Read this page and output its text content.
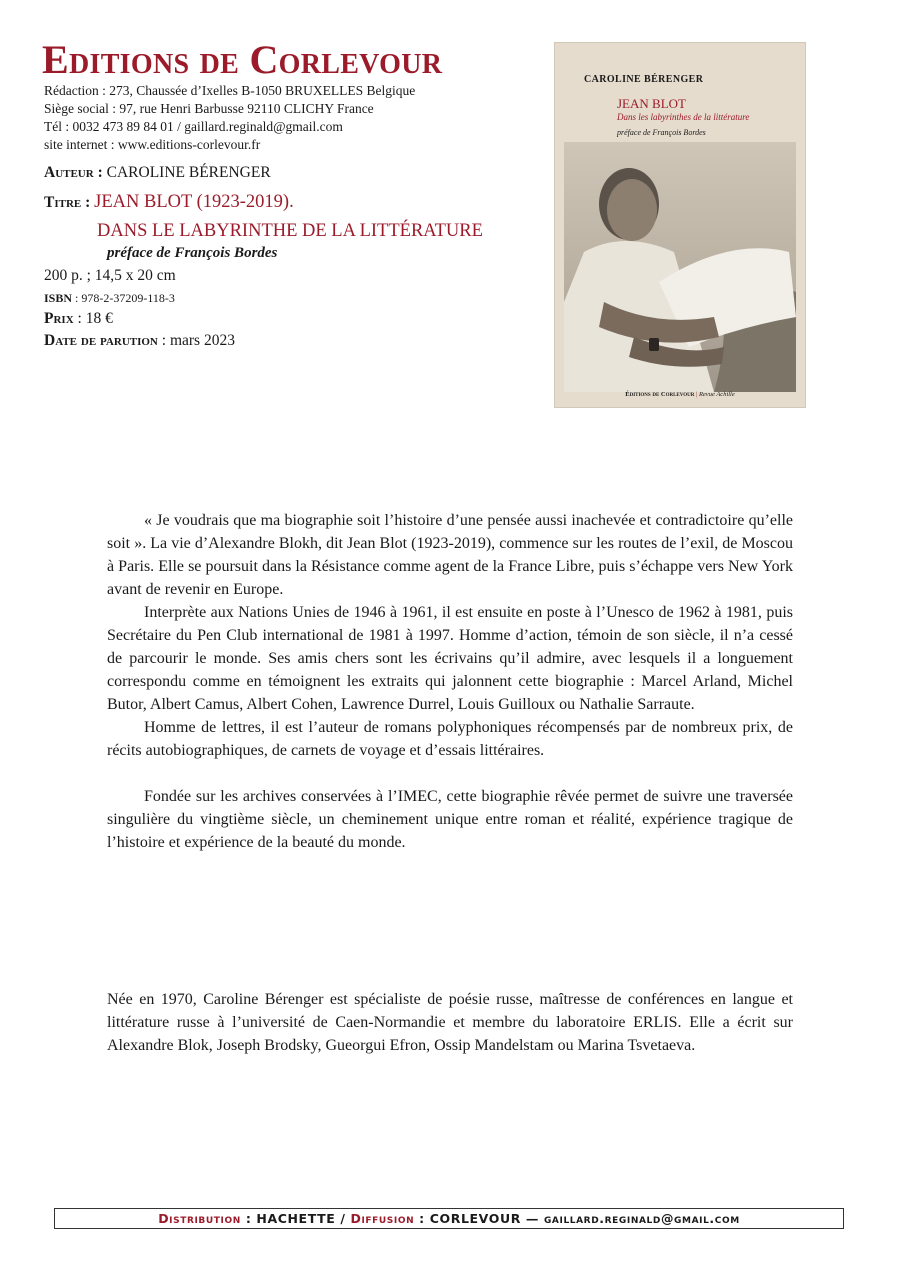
Editions de Corlevour
Rédaction : 273, Chaussée d’Ixelles B-1050 BRUXELLES Belgique
Siège social : 97, rue Henri Barbusse 92110 CLICHY France
Tél : 0032 473 89 84 01 / gaillard.reginald@gmail.com
site internet : www.editions-corlevour.fr
Auteur : CAROLINE BÉRENGER
Titre : JEAN BLOT (1923-2019).
DANS LE LABYRINTHE DE LA LITTÉRATURE
préface de François Bordes
200 p. ; 14,5 x 20 cm
ISBN : 978-2-37209-118-3
Prix : 18 €
Date de parution : mars 2023
CAROLINE BÉRENGER
JEAN BLOT
Dans les labyrinthes de la littérature
préface de François Bordes
Éditions de Corlevour | Revue Achille

« Je voudrais que ma biographie soit l’histoire d’une pensée aussi inachevée et contradictoire qu’elle soit ». La vie d’Alexandre Blokh, dit Jean Blot (1923-2019), commence sur les routes de l’exil, de Moscou à Paris. Elle se poursuit dans la Résistance comme agent de la France Libre, puis s’échappe vers New York avant de revenir en Europe.

Interprète aux Nations Unies de 1946 à 1961, il est ensuite en poste à l’Unesco de 1962 à 1981, puis Secrétaire du Pen Club international de 1981 à 1997. Homme d’action, témoin de son siècle, il n’a cessé de parcourir le monde. Ses amis chers sont les écrivains qu’il admire, avec lesquels il a longuement correspondu comme en témoignent les extraits qui jalonnent cette biographie : Marcel Arland, Michel Butor, Albert Camus, Albert Cohen, Lawrence Durrel, Louis Guilloux ou Nathalie Sarraute.

Homme de lettres, il est l’auteur de romans polyphoniques récompensés par de nombreux prix, de récits autobiographiques, de carnets de voyage et d’essais littéraires.

Fondée sur les archives conservées à l’IMEC, cette biographie rêvée permet de suivre une traversée singulière du vingtième siècle, un cheminement unique entre roman et réalité, expérience tragique de l’histoire et expérience de la beauté du monde.

Née en 1970, Caroline Bérenger est spécialiste de poésie russe, maîtresse de conférences en langue et littérature russe à l’université de Caen-Normandie et membre du laboratoire ERLIS. Elle a écrit sur Alexandre Blok, Joseph Brodsky, Gueorgui Efron, Ossip Mandelstam ou Marina Tsvetaeva.

Distribution : HACHETTE / Diffusion : CORLEVOUR — gaillard.reginald@gmail.com
